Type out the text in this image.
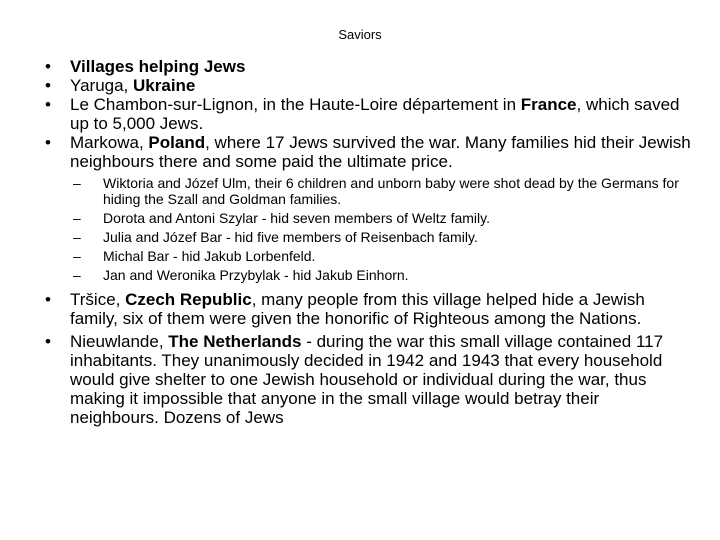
Saviors
• Villages helping Jews
• Yaruga, Ukraine
• Le Chambon-sur-Lignon, in the Haute-Loire département in France, which saved up to 5,000 Jews.
• Markowa, Poland, where 17 Jews survived the war. Many families hid their Jewish neighbours there and some paid the ultimate price.
– Wiktoria and Józef Ulm, their 6 children and unborn baby were shot dead by the Germans for hiding the Szall and Goldman families.
– Dorota and Antoni Szylar - hid seven members of Weltz family.
– Julia and Józef Bar - hid five members of Reisenbach family.
– Michal Bar - hid Jakub Lorbenfeld.
– Jan and Weronika Przybylak - hid Jakub Einhorn.
• Tršice, Czech Republic, many people from this village helped hide a Jewish family, six of them were given the honorific of Righteous among the Nations.
• Nieuwlande, The Netherlands - during the war this small village contained 117 inhabitants. They unanimously decided in 1942 and 1943 that every household would give shelter to one Jewish household or individual during the war, thus making it impossible that anyone in the small village would betray their neighbours. Dozens of Jews
